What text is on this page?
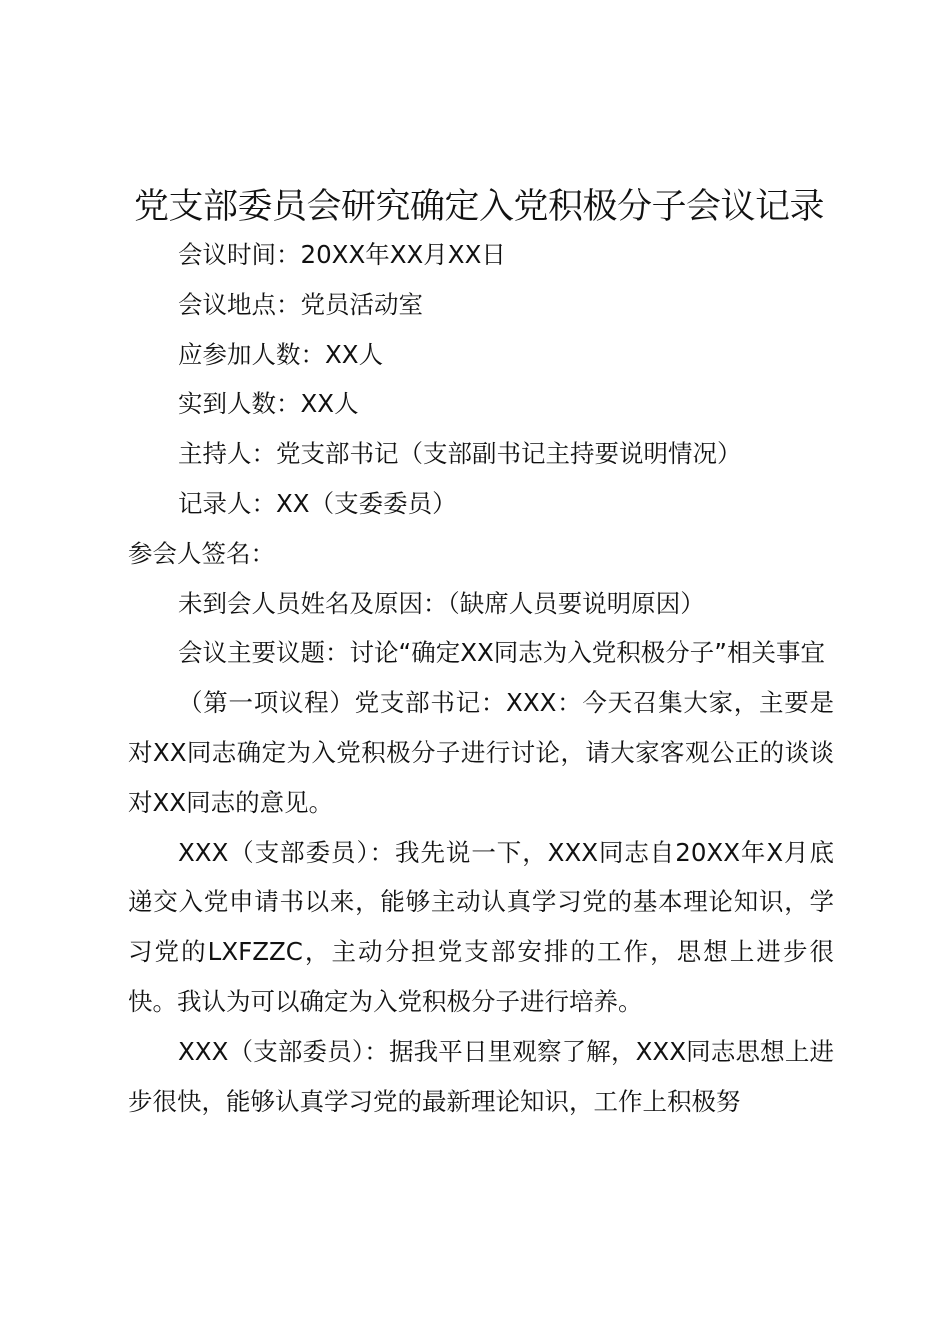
党支部委员会研究确定入党积极分子会议记录

会议时间：20XX年XX月XX日

会议地点：党员活动室

应参加人数：XX人

实到人数：XX人

主持人：党支部书记（支部副书记主持要说明情况）

记录人：XX（支委委员）

参会人签名：

未到会人员姓名及原因：（缺席人员要说明原因）

会议主要议题：讨论“确定XX同志为入党积极分子”相关事宜

（第一项议程）党支部书记：XXX：今天召集大家，主要是对XX同志确定为入党积极分子进行讨论，请大家客观公正的谈谈对XX同志的意见。

XXX（支部委员）：我先说一下，XXX同志自20XX年X月底递交入党申请书以来，能够主动认真学习党的基本理论知识，学习党的LXFZZC，主动分担党支部安排的工作，思想上进步很快。我认为可以确定为入党积极分子进行培养。

XXX（支部委员）：据我平日里观察了解，XXX同志思想上进步很快，能够认真学习党的最新理论知识，工作上积极努
